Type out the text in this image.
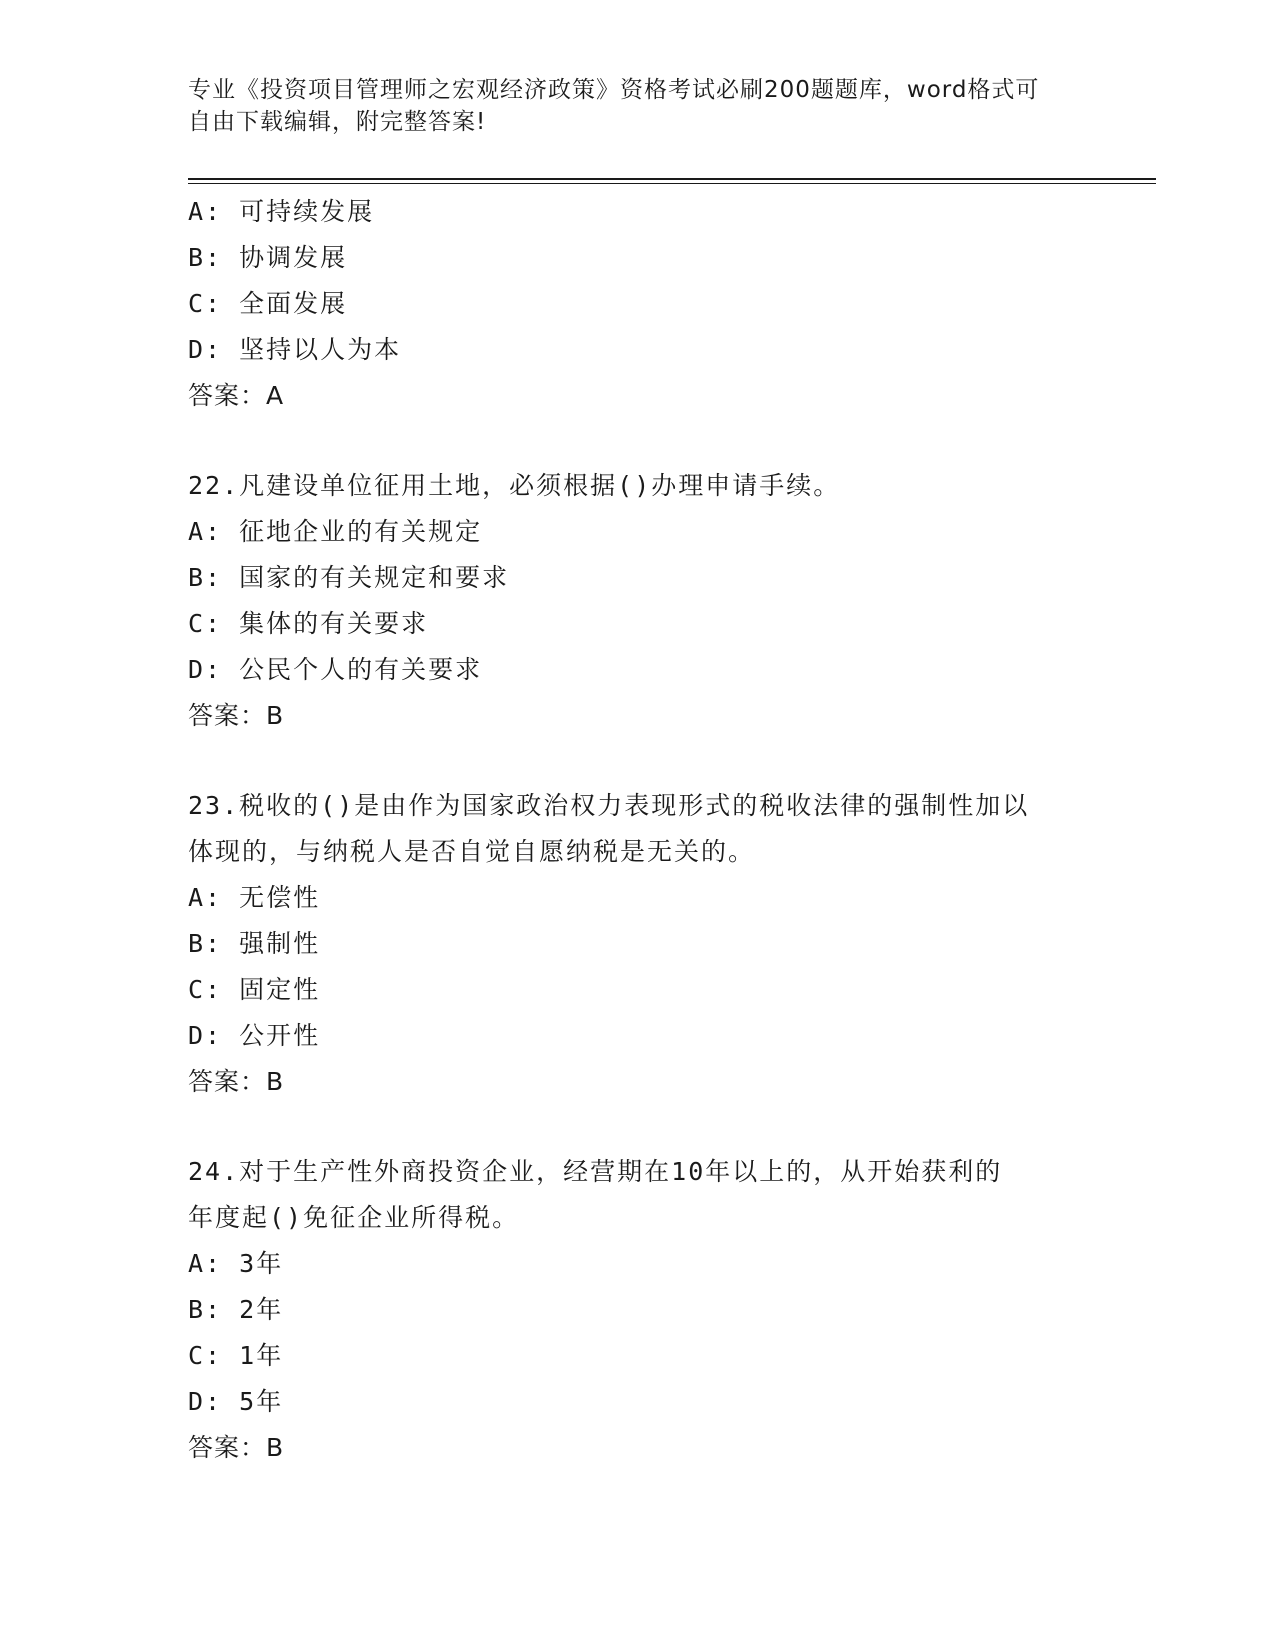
专业《投资项目管理师之宏观经济政策》资格考试必刷200题题库，word格式可
自由下载编辑，附完整答案!
A: 可持续发展
B: 协调发展
C: 全面发展
D: 坚持以人为本
答案：A
22.凡建设单位征用土地，必须根据()办理申请手续。
A: 征地企业的有关规定
B: 国家的有关规定和要求
C: 集体的有关要求
D: 公民个人的有关要求
答案：B
23.税收的()是由作为国家政治权力表现形式的税收法律的强制性加以
体现的，与纳税人是否自觉自愿纳税是无关的。
A: 无偿性
B: 强制性
C: 固定性
D: 公开性
答案：B
24.对于生产性外商投资企业，经营期在10年以上的，从开始获利的
年度起()免征企业所得税。
A: 3年
B: 2年
C: 1年
D: 5年
答案：B
